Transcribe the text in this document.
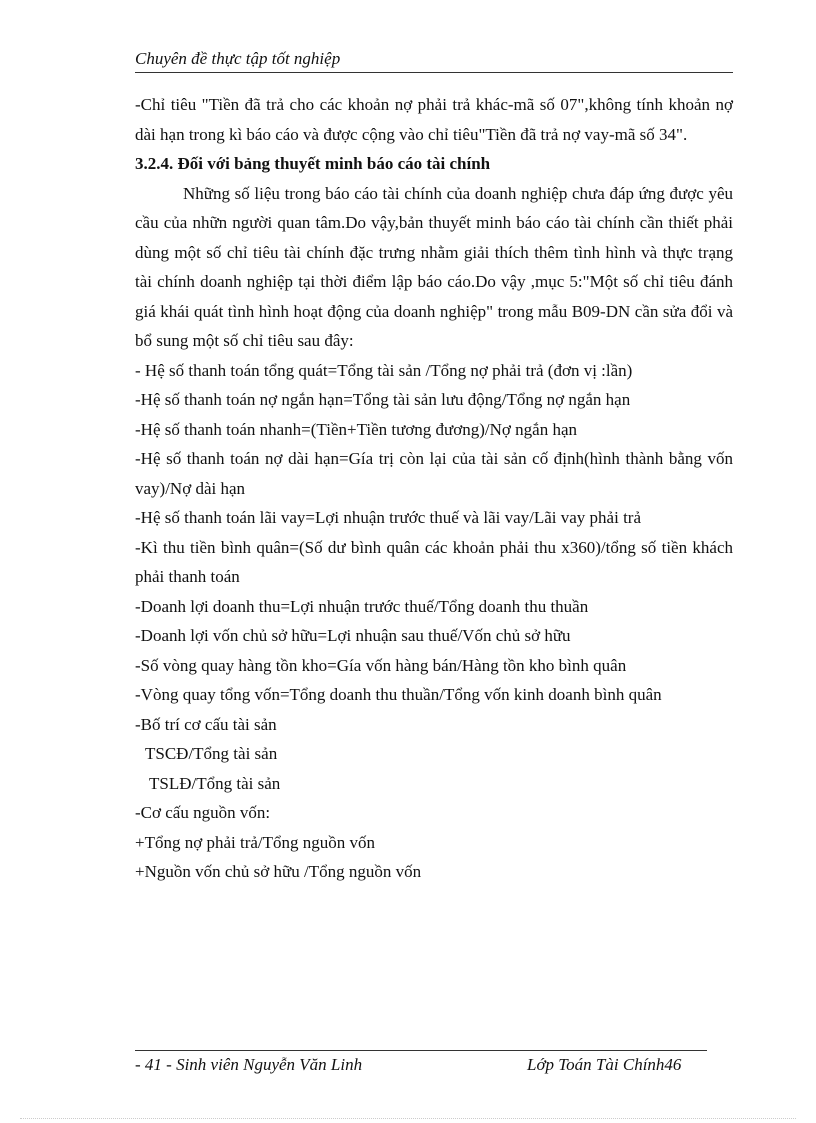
Chuyên đề thực tập tốt nghiệp

-Chỉ tiêu "Tiền đã trả cho các khoản nợ phải trả khác-mã số 07",không tính khoản nợ dài hạn trong kì báo cáo và được cộng vào chỉ tiêu"Tiền đã trả nợ vay-mã số 34".

3.2.4. Đối với bảng thuyết minh báo cáo tài chính

Những số liệu trong báo cáo tài chính của doanh nghiệp chưa đáp ứng được yêu cầu của nhữn người quan tâm.Do vậy,bản thuyết minh báo cáo tài chính cần thiết phải dùng một số chỉ tiêu tài chính đặc trưng nhằm giải thích thêm tình hình và thực trạng tài chính doanh nghiệp tại thời điểm lập báo cáo.Do vậy ,mục 5:"Một số chỉ tiêu đánh giá khái quát tình hình hoạt động của doanh nghiệp" trong mẫu B09-DN cần sửa đổi và bổ sung một số chỉ tiêu sau đây:

- Hệ số thanh toán tổng quát=Tổng tài sản /Tổng nợ phải trả (đơn vị :lần)

-Hệ số thanh toán nợ ngắn hạn=Tổng tài sản lưu động/Tổng nợ ngắn hạn

-Hệ số thanh toán nhanh=(Tiền+Tiền tương đương)/Nợ ngắn hạn

-Hệ số thanh toán nợ dài hạn=Gía trị còn lại của tài sản cố định(hình thành bằng vốn vay)/Nợ dài hạn

-Hệ số thanh toán lãi vay=Lợi nhuận trước thuế và lãi vay/Lãi vay phải trả

-Kì thu tiền bình quân=(Số dư bình quân các khoản phải thu x360)/tổng số tiền khách phải thanh toán

-Doanh lợi doanh thu=Lợi nhuận trước thuế/Tổng doanh thu thuần

-Doanh lợi vốn chủ sở hữu=Lợi nhuận sau thuế/Vốn chủ sở hữu

-Số vòng quay hàng tồn kho=Gía vốn hàng bán/Hàng tồn kho bình quân

-Vòng quay tổng vốn=Tổng doanh thu thuần/Tổng vốn kinh doanh bình quân

-Bố trí cơ cấu tài sản

TSCĐ/Tổng tài sản

TSLĐ/Tổng tài sản

-Cơ cấu nguồn vốn:

+Tổng nợ phải trả/Tổng nguồn vốn

+Nguồn vốn chủ sở hữu /Tổng nguồn vốn

- 41 - Sinh viên Nguyễn Văn Linh	Lớp Toán Tài Chính46
